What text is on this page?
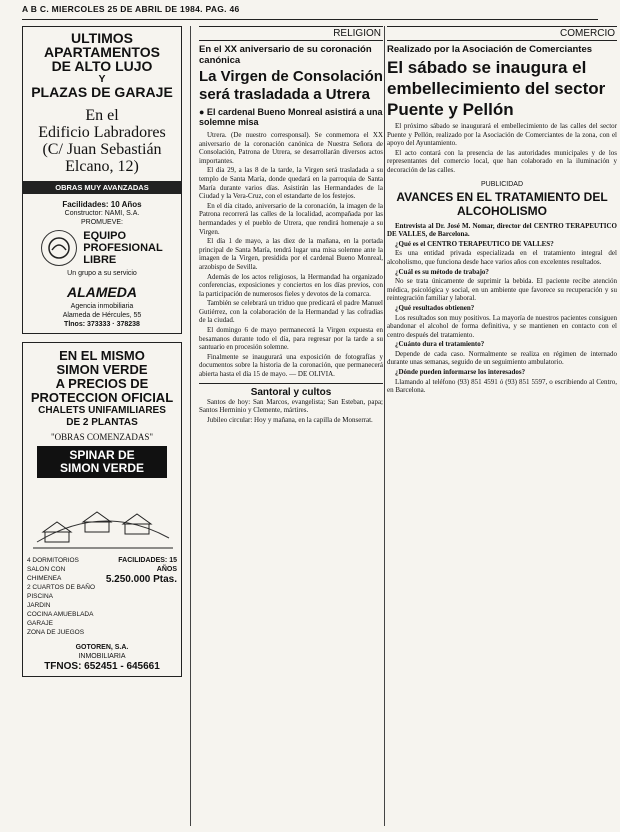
A B C. MIERCOLES 25 DE ABRIL DE 1984. PAG. 46
ULTIMOS
APARTAMENTOS
DE ALTO LUJO
Y
PLAZAS DE GARAJE
En el
Edificio Labradores
(C/ Juan Sebastián
Elcano, 12)
OBRAS MUY AVANZADAS
Facilidades: 10 Años
Constructor: NAMI, S.A.
PROMUEVE:
EQUIPO
PROFESIONAL
LIBRE
Un grupo a su servicio
ALAMEDA
Agencia inmobiliaria
Alameda de Hércules, 55
Tlnos: 373333 · 378238
EN EL MISMO
SIMON VERDE
A PRECIOS DE
PROTECCION OFICIAL
CHALETS UNIFAMILIARES
DE 2 PLANTAS
"OBRAS COMENZADAS"
SPINAR DE
SIMON VERDE
4 DORMITORIOS
SALON CON CHIMENEA
2 CUARTOS DE BAÑO
PISCINA
JARDIN
COCINA AMUEBLADA
GARAJE
ZONA DE JUEGOS
FACILIDADES: 15 AÑOS
5.250.000 Ptas.
GOTOREN, S.A.
INMOBILIARIA
TFNOS: 652451 - 645661
RELIGION
En el XX aniversario de su coronación canónica
La Virgen de Consolación será trasladada a Utrera
● El cardenal Bueno Monreal asistirá a una solemne misa

Utrera. (De nuestro corresponsal). Se conmemora el XX aniversario de la coronación canónica de Nuestra Señora de Consolación, Patrona de Utrera, se desarrollarán diversos actos importantes.

El día 29, a las 8 de la tarde, la Virgen será trasladada a su templo de Santa María, donde quedará en la parroquia de Santa María durante varios días. Asistirán las Hermandades de la Ciudad y la Vera-Cruz, con el estandarte de los festejos.

En el día citado, aniversario de la coronación, la imagen de la Patrona recorrerá las calles de la localidad, acompañada por las hermandades y el pueblo de Utrera, que rendirá homenaje a su Virgen.

El día 1 de mayo, a las diez de la mañana, en la portada principal de Santa María, tendrá lugar una misa solemne ante la imagen de la Virgen, presidida por el cardenal Bueno Monreal, arzobispo de Sevilla.

Además de los actos religiosos, la Hermandad ha organizado conferencias, exposiciones y conciertos en los días previos, con la participación de numerosos fieles y devotos de la comarca.

También se celebrará un triduo que predicará el padre Manuel Gutiérrez, con la colaboración de la Hermandad y las cofradías de la ciudad.

El domingo 6 de mayo permanecerá la Virgen expuesta en besamanos durante todo el día, para regresar por la tarde a su santuario en procesión solemne.

Finalmente se inaugurará una exposición de fotografías y documentos sobre la historia de la coronación, que permanecerá abierta hasta el día 15 de mayo. — DE OLIVIA.

Santoral y cultos

Santos de hoy: San Marcos, evangelista; San Esteban, papa; Santos Herminio y Clemente, mártires.

Jubileo circular: Hoy y mañana, en la capilla de Monserrat.

COMERCIO
Realizado por la Asociación de Comerciantes
El sábado se inaugura el embellecimiento del sector Puente y Pellón

El próximo sábado se inaugurará el embellecimiento de las calles del sector Puente y Pellón, realizado por la Asociación de Comerciantes de la zona, con el apoyo del Ayuntamiento.

El acto contará con la presencia de las autoridades municipales y de los representantes del comercio local, que han colaborado en la iluminación y decoración de las calles.

PUBLICIDAD
AVANCES EN EL TRATAMIENTO DEL ALCOHOLISMO

Entrevista al Dr. José M. Nomar, director del CENTRO TERAPEUTICO DE VALLES, de Barcelona.

¿Qué es el CENTRO TERAPEUTICO DE VALLES?

Es una entidad privada especializada en el tratamiento integral del alcoholismo, que funciona desde hace varios años con excelentes resultados.

¿Cuál es su método de trabajo?

No se trata únicamente de suprimir la bebida. El paciente recibe atención médica, psicológica y social, en un ambiente que favorece su recuperación y su reintegración familiar y laboral.

¿Qué resultados obtienen?

Los resultados son muy positivos. La mayoría de nuestros pacientes consiguen abandonar el alcohol de forma definitiva, y se mantienen en contacto con el centro después del tratamiento.

¿Cuánto dura el tratamiento?

Depende de cada caso. Normalmente se realiza en régimen de internado durante unas semanas, seguido de un seguimiento ambulatorio.

¿Dónde pueden informarse los interesados?

Llamando al teléfono (93) 851 4591 ó (93) 851 5597, o escribiendo al Centro, en Barcelona.
